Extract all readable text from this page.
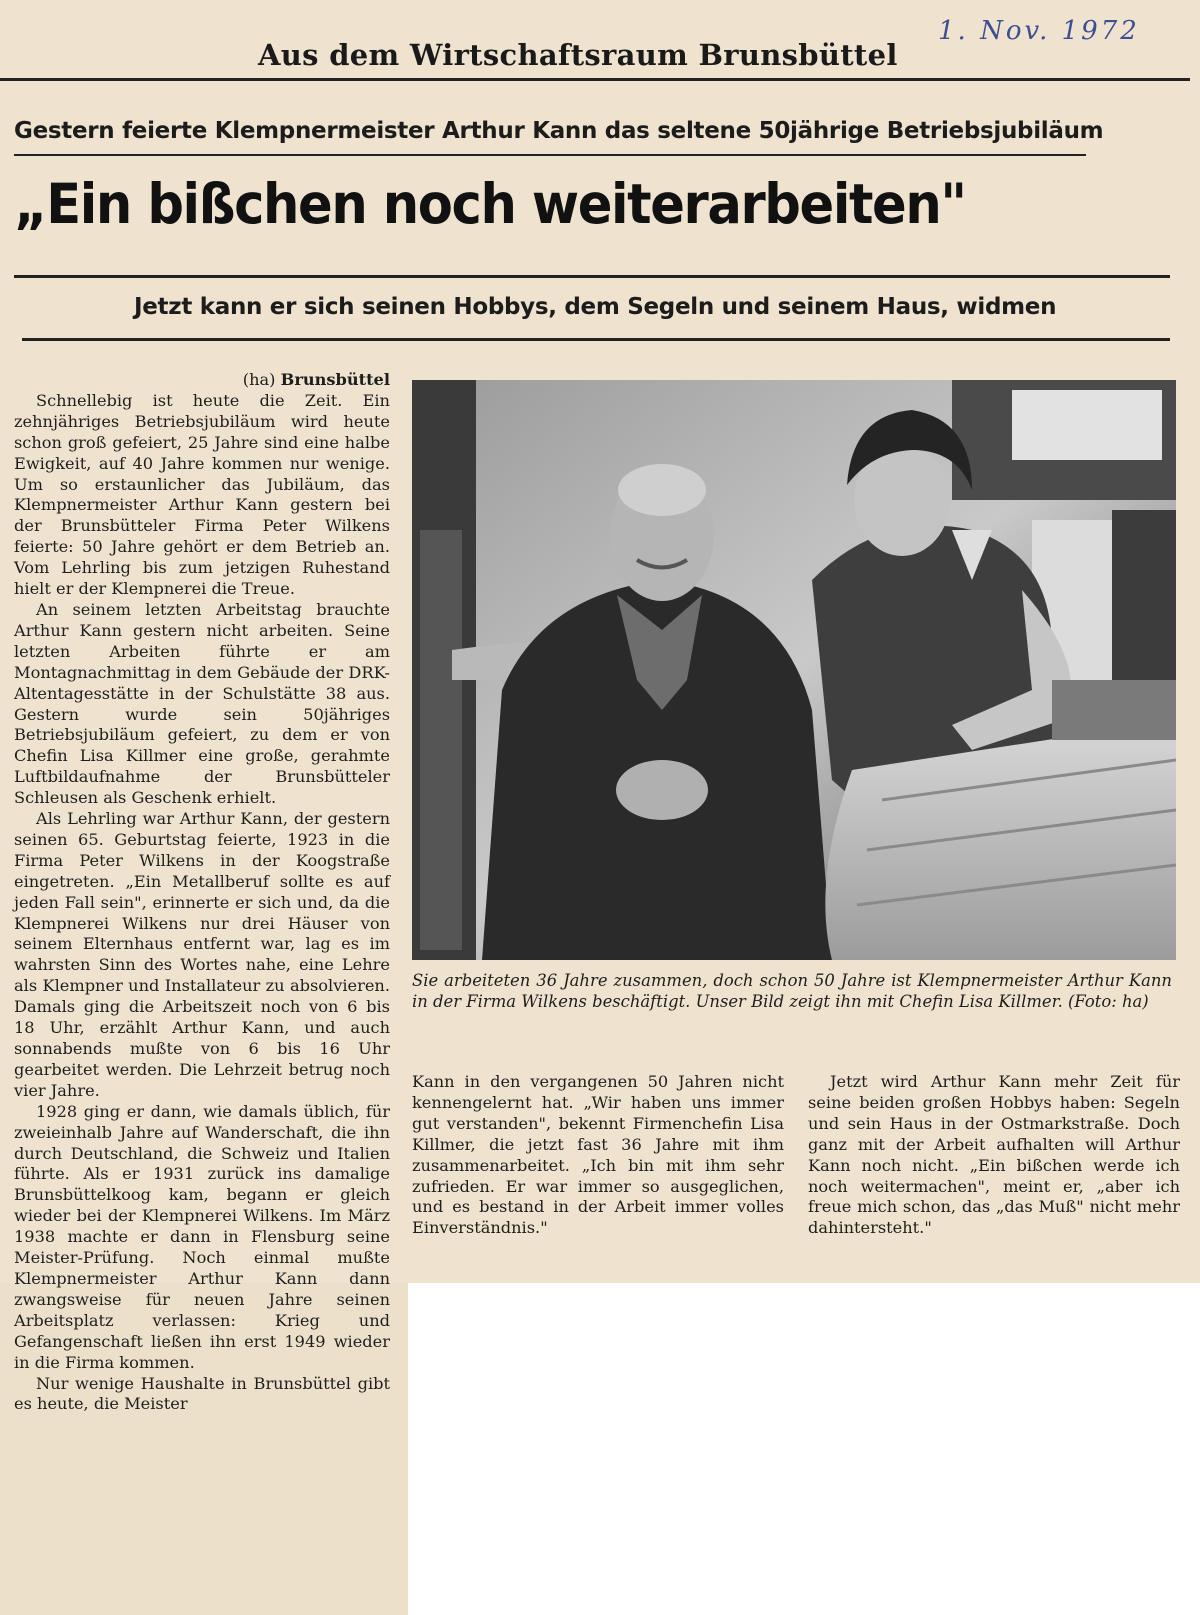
1. Nov. 1972
Aus dem Wirtschaftsraum Brunsbüttel
Gestern feierte Klempnermeister Arthur Kann das seltene 50jährige Betriebsjubiläum
„Ein bißchen noch weiterarbeiten"
Jetzt kann er sich seinen Hobbys, dem Segeln und seinem Haus, widmen
(ha) Brunsbüttel

Schnellebig ist heute die Zeit. Ein zehnjähriges Betriebsjubiläum wird heute schon groß gefeiert, 25 Jahre sind eine halbe Ewigkeit, auf 40 Jahre kommen nur wenige. Um so erstaunlicher das Jubiläum, das Klempnermeister Arthur Kann gestern bei der Brunsbütteler Firma Peter Wilkens feierte: 50 Jahre gehört er dem Betrieb an. Vom Lehrling bis zum jetzigen Ruhestand hielt er der Klempnerei die Treue.

An seinem letzten Arbeitstag brauchte Arthur Kann gestern nicht arbeiten. Seine letzten Arbeiten führte er am Montagnachmittag in dem Gebäude der DRK-Altentagesstätte in der Schulstätte 38 aus. Gestern wurde sein 50jähriges Betriebsjubiläum gefeiert, zu dem er von Chefin Lisa Killmer eine große, gerahmte Luftbildaufnahme der Brunsbütteler Schleusen als Geschenk erhielt.

Als Lehrling war Arthur Kann, der gestern seinen 65. Geburtstag feierte, 1923 in die Firma Peter Wilkens in der Koogstraße eingetreten. „Ein Metallberuf sollte es auf jeden Fall sein", erinnerte er sich und, da die Klempnerei Wilkens nur drei Häuser von seinem Elternhaus entfernt war, lag es im wahrsten Sinn des Wortes nahe, eine Lehre als Klempner und Installateur zu absolvieren. Damals ging die Arbeitszeit noch von 6 bis 18 Uhr, erzählt Arthur Kann, und auch sonnabends mußte von 6 bis 16 Uhr gearbeitet werden. Die Lehrzeit betrug noch vier Jahre.

1928 ging er dann, wie damals üblich, für zweieinhalb Jahre auf Wanderschaft, die ihn durch Deutschland, die Schweiz und Italien führte. Als er 1931 zurück ins damalige Brunsbüttelkoog kam, begann er gleich wieder bei der Klempnerei Wilkens. Im März 1938 machte er dann in Flensburg seine Meister-Prüfung. Noch einmal mußte Klempnermeister Arthur Kann dann zwangsweise für neuen Jahre seinen Arbeitsplatz verlassen: Krieg und Gefangenschaft ließen ihn erst 1949 wieder in die Firma kommen.

Nur wenige Haushalte in Brunsbüttel gibt es heute, die Meister

Sie arbeiteten 36 Jahre zusammen, doch schon 50 Jahre ist Klempnermeister Arthur Kann in der Firma Wilkens beschäftigt. Unser Bild zeigt ihn mit Chefin Lisa Killmer. (Foto: ha)

Kann in den vergangenen 50 Jahren nicht kennengelernt hat. „Wir haben uns immer gut verstanden", bekennt Firmenchefin Lisa Killmer, die jetzt fast 36 Jahre mit ihm zusammenarbeitet. „Ich bin mit ihm sehr zufrieden. Er war immer so ausgeglichen, und es bestand in der Arbeit immer volles Einverständnis."

Jetzt wird Arthur Kann mehr Zeit für seine beiden großen Hobbys haben: Segeln und sein Haus in der Ostmarkstraße. Doch ganz mit der Arbeit aufhalten will Arthur Kann noch nicht. „Ein bißchen werde ich noch weitermachen", meint er, „aber ich freue mich schon, das „das Muß" nicht mehr dahintersteht."
